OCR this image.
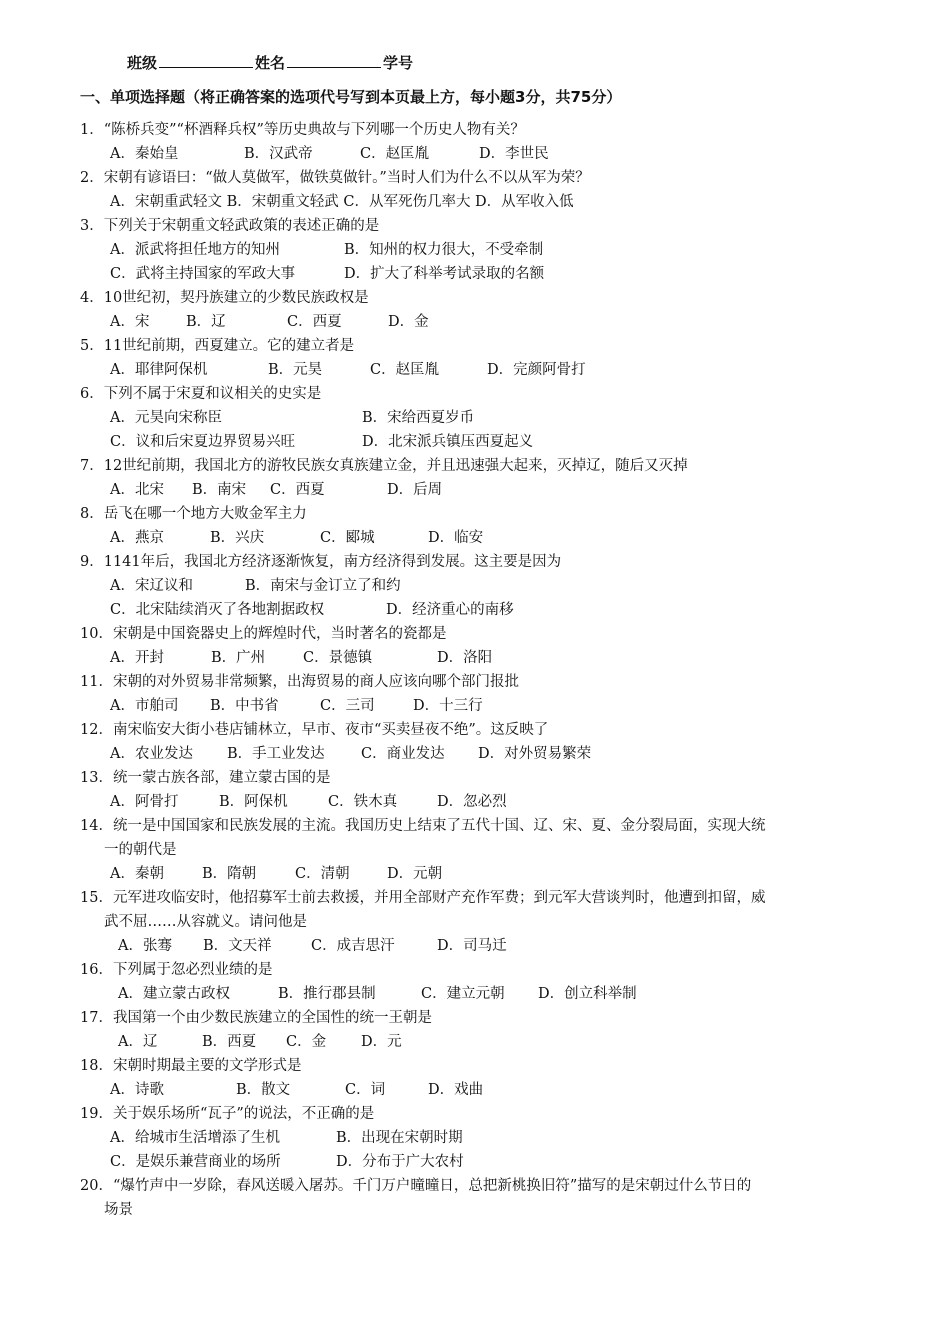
班级	姓名	学号
一、单项选择题（将正确答案的选项代号写到本页最上方，每小题3分，共75分）
1．“陈桥兵变”“杯酒释兵权”等历史典故与下列哪一个历史人物有关？
A．秦始皇	B．汉武帝	C．赵匡胤	D．李世民
2．宋朝有谚语曰：“做人莫做军，做铁莫做针。”当时人们为什么不以从军为荣？
A．宋朝重武轻文 B．宋朝重文轻武 C．从军死伤几率大 D．从军收入低
3．下列关于宋朝重文轻武政策的表述正确的是
A．派武将担任地方的知州	B．知州的权力很大，不受牵制
C．武将主持国家的军政大事	D．扩大了科举考试录取的名额
4．10世纪初，契丹族建立的少数民族政权是
A．宋	B．辽	C．西夏	D．金
5．11世纪前期，西夏建立。它的建立者是
A．耶律阿保机	B．元昊	C．赵匡胤	D．完颜阿骨打
6．下列不属于宋夏和议相关的史实是
A．元昊向宋称臣	B．宋给西夏岁币
C．议和后宋夏边界贸易兴旺	D．北宋派兵镇压西夏起义
7．12世纪前期，我国北方的游牧民族女真族建立金，并且迅速强大起来，灭掉辽，随后又灭掉
A．北宋 B．南宋 C．西夏	D．后周
8．岳飞在哪一个地方大败金军主力
A．燕京	B．兴庆	C．郾城	D．临安
9．1141年后，我国北方经济逐渐恢复，南方经济得到发展。这主要是因为
A．宋辽议和	B．南宋与金订立了和约
C．北宋陆续消灭了各地割据政权	D．经济重心的南移
10．宋朝是中国瓷器史上的辉煌时代，当时著名的瓷都是
A．开封	B．广州	C．景德镇	D．洛阳
11．宋朝的对外贸易非常频繁，出海贸易的商人应该向哪个部门报批
A．市舶司 B．中书省	C．三司	D．十三行
12．南宋临安大街小巷店铺林立，早市、夜市“买卖昼夜不绝”。这反映了
A．农业发达 B．手工业发达	C．商业发达 D．对外贸易繁荣
13．统一蒙古族各部，建立蒙古国的是
A．阿骨打	B．阿保机	C．铁木真	D．忽必烈
14．统一是中国国家和民族发展的主流。我国历史上结束了五代十国、辽、宋、夏、金分裂局面，实现大统
一的朝代是
A．秦朝	B．隋朝	C．清朝	D．元朝
15．元军进攻临安时，他招募军士前去救援，并用全部财产充作军费；到元军大营谈判时，他遭到扣留，威
武不屈……从容就义。请问他是
A．张骞 B．文天祥	C．成吉思汗	D．司马迁
16．下列属于忽必烈业绩的是
A．建立蒙古政权	B．推行郡县制	C．建立元朝 D．创立科举制
17．我国第一个由少数民族建立的全国性的统一王朝是
A．辽	B．西夏 C．金 D．元
18．宋朝时期最主要的文学形式是
A．诗歌	B．散文	C．词	D．戏曲
19．关于娱乐场所“瓦子”的说法，不正确的是
A．给城市生活增添了生机	B．出现在宋朝时期
C．是娱乐兼营商业的场所	D．分布于广大农村
20．“爆竹声中一岁除，春风送暖入屠苏。千门万户曈曈日，总把新桃换旧符”描写的是宋朝过什么节日的
场景
